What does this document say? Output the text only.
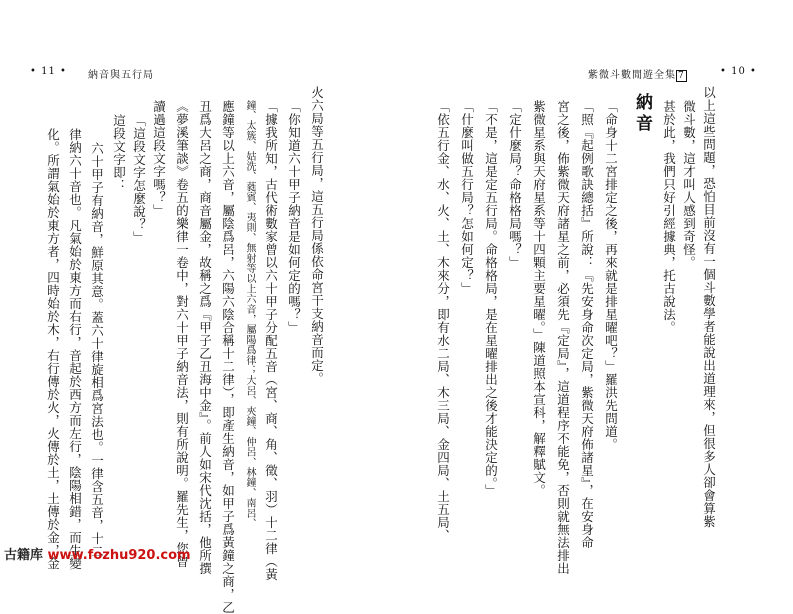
• 11 • 納音與五行局	紫微斗數閒遊全集 7	• 10 •
以上這些問題，恐怕目前沒有一個斗數學者能說出道理來，但很多人卻會算紫
微斗數，這才叫人感到奇怪。
甚於此，我們只好引經據典，托古說法。
納音
「命身十二宮排定之後，再來就是排星曜吧？」羅洪先問道。
「照『起例歌訣總括』所說：『先安身命次定局，紫微天府佈諸星』，在安身命
宮之後，佈紫微天府諸星之前，必須先『定局』，這道程序不能免，否則就無法排出
紫微星系與天府星系等十四顆主要星曜。」陳道照本宣科，解釋賦文。
「定什麼局？命格格局嗎？」
「不是，這是定五行局。命格格局，是在星曜排出之後才能決定的。」
「什麼叫做五行局？怎如何定？」
「依五行金、水、火、土、木來分，即有水二局、木三局、金四局、土五局、
火六局等五行局，這五行局係依命宮干支納音而定。
「你知道六十甲子納音是如何定的嗎？」
「據我所知，古代術數家曾以六十甲子分配五音（宮、商、角、徵、羽）十二律（黃
鐘、太簇、姑洗、蕤賓、夷則、無射等以上六音，屬陽爲律；大呂、夾鐘、仲呂、林鐘、南呂、
應鐘等以上六音，屬陰爲呂，六陽六陰合稱十二律），即產生納音，如甲子爲黃鐘之商，乙
丑爲大呂之商，商音屬金，故稱之爲『甲子乙丑海中金』。前人如宋代沈括，他所撰
《夢溪筆談》卷五的樂律一卷中，對六十甲子納音法，則有所說明。羅先生，您曾
讀過這段文字嗎？」
「這段文字怎麼說？」
這段文字即：
六十甲子有納音，鮮原其意。蓋六十律旋相爲宮法也。一律含五音，十二
律納六十音也。凡氣始於東方而右行，音起於西方而左行，陰陽相錯，而生變
化。所謂氣始於東方者，四時始於木，右行傳於火，火傳於土，土傳於金，金
古籍库 www.fozhu920.com
